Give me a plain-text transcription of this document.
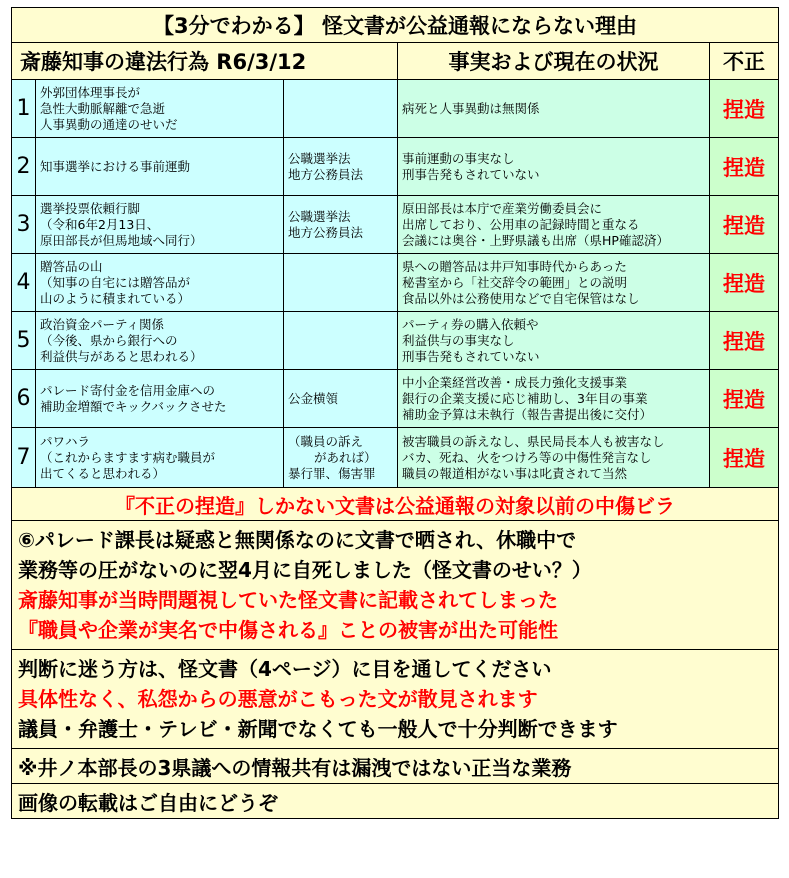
【3分でわかる】 怪文書が公益通報にならない理由				
斎藤知事の違法行為 R6/3/12			事実および現在の状況	不正
1	外郭団体理事長が
急性大動脈解離で急逝
人事異動の通達のせいだ		病死と人事異動は無関係	捏造
2	知事選挙における事前運動	公職選挙法
地方公務員法	事前運動の事実なし
刑事告発もされていない	捏造
3	選挙投票依頼行脚
（令和6年2月13日、
原田部長が但馬地域へ同行）	公職選挙法
地方公務員法	原田部長は本庁で産業労働委員会に
出席しており、公用車の記録時間と重なる
会議には奥谷・上野県議も出席（県HP確認済）	捏造
4	贈答品の山
（知事の自宅には贈答品が
山のように積まれている）		県への贈答品は井戸知事時代からあった
秘書室から「社交辞令の範囲」との説明
食品以外は公務使用などで自宅保管はなし	捏造
5	政治資金パーティ関係
（今後、県から銀行への
利益供与があると思われる）		パーティ券の購入依頼や
利益供与の事実なし
刑事告発もされていない	捏造
6	パレード寄付金を信用金庫への
補助金増額でキックバックさせた	公金横領	中小企業経営改善・成長力強化支援事業
銀行の企業支援に応じ補助し、3年目の事業
補助金予算は未執行（報告書提出後に交付）	捏造
7	パワハラ
（これからますます病む職員が
出てくると思われる）	（職員の訴え
があれば）
暴行罪、傷害罪	被害職員の訴えなし、県民局長本人も被害なし
バカ、死ね、火をつけろ等の中傷性発言なし
職員の報道相がない事は叱責されて当然	捏造
『不正の捏造』しかない文書は公益通報の対象以前の中傷ビラ				

⑥パレード課長は疑惑と無関係なのに文書で晒され、休職中で
業務等の圧がないのに翌4月に自死しました（怪文書のせい？）
斎藤知事が当時問題視していた怪文書に記載されてしまった
『職員や企業が実名で中傷される』ことの被害が出た可能性				

判断に迷う方は、怪文書（4ページ）に目を通してください
具体性なく、私怨からの悪意がこもった文が散見されます
議員・弁護士・テレビ・新聞でなくても一般人で十分判断できます				

※井ノ本部長の3県議への情報共有は漏洩ではない正当な業務				
画像の転載はご自由にどうぞ				
